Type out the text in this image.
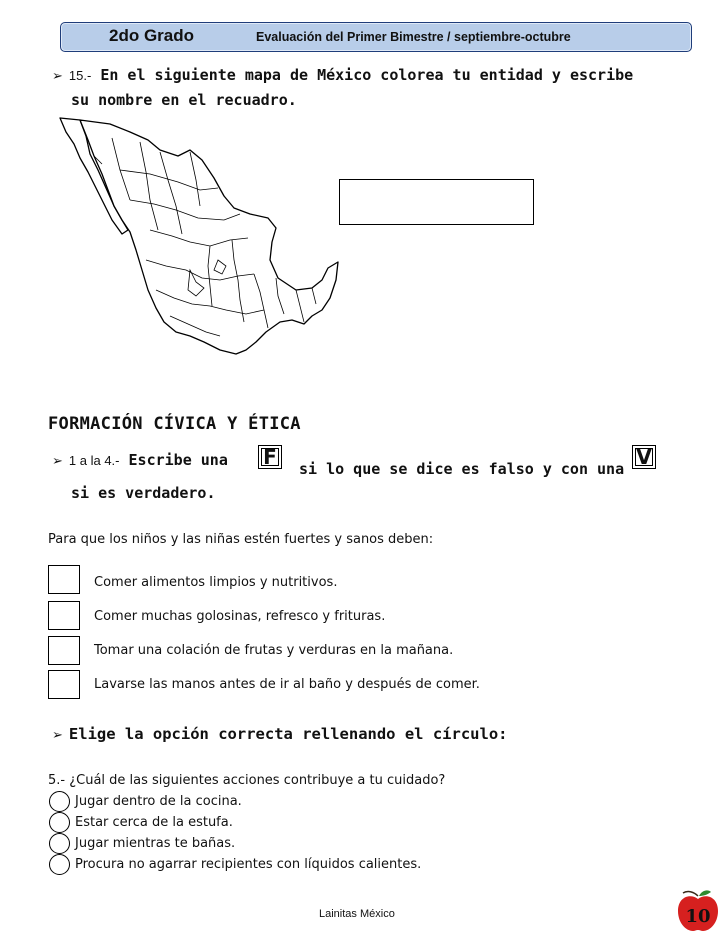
2do Grado	Evaluación del Primer Bimestre / septiembre-octubre
➢ 15.- En el siguiente mapa de México colorea tu entidad y escribe
su nombre en el recuadro.
FORMACIÓN CÍVICA Y ÉTICA
➢ 1 a la 4.- Escribe una F	si lo que se dice es falso y con una V
si es verdadero.
Para que los niños y las niñas estén fuertes y sanos deben:
Comer alimentos limpios y nutritivos.
Comer muchas golosinas, refresco y frituras.
Tomar una colación de frutas y verduras en la mañana.
Lavarse las manos antes de ir al baño y después de comer.
➢ Elige la opción correcta rellenando el círculo:
5.- ¿Cuál de las siguientes acciones contribuye a tu cuidado?
Jugar dentro de la cocina.
Estar cerca de la estufa.
Jugar mientras te bañas.
Procura no agarrar recipientes con líquidos calientes.
Lainitas México	10
